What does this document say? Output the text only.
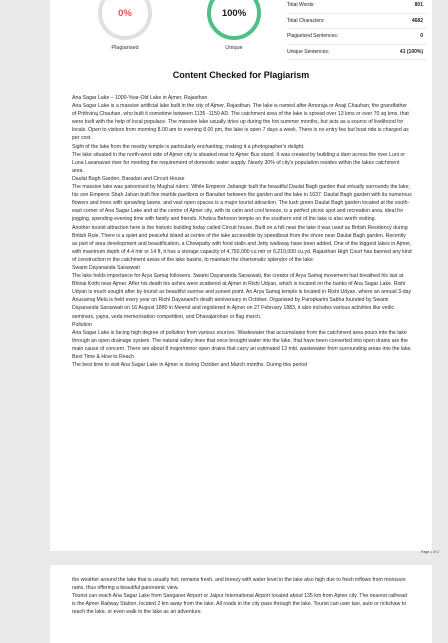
0%
Plagiarised
100%
Unique
Total Words:	801
Total Characters:	4682
Plagiarized Sentences:	0
Unique Sentences:	41 (100%)
Content Checked for Plagiarism

Ana Sagar Lake – 1000-Year-Old Lake in Ajmer, Rajasthan

Ana Sagar Lake is a massive artificial lake built in the city of Ajmer, Rajasthan. The lake is named after Arnoraja or Anaji Chauhan; the grandfather of Prithviraj Chauhan, who built it sometime between 1135 -1150 AD. The catchment area of the lake is spread over 13 kms or over 70 sq kms, that were built with the help of local populace. The massive lake usually dries up during the hot summer months, but acts as a source of livelihood for locals. Open to visitors from morning 8.00 am to evening 8.00 pm, the lake is open 7 days a week. There is no entry fee but boat ride is charged as per cost.

Sight of the lake from the nearby temple is particularly enchanting, making it a photographer's delight.

The lake situated in the north-west side of Ajmer city is situated near to Ajmer Bus stand. It was created by building a dam across the river Luni or Luna Lavanavari river for meeting the requirement of domestic water supply. Nearly 30% of city's population resides within the lakes catchment area.

Daulat Bagh Garden, Baradari and Circuit House

The massive lake was patronised by Mughal rulers. While Emperor Jahangir built the beautiful Daulat Bagh garden that virtually surrounds the lake; his son Emperor Shah Jahan built five marble pavilions or Baradari between the garden and the lake in 1637. Daulat Bagh garden with its numerous flowers and trees with sprawling lawns, and vast open spaces is a major tourist attraction. The lush green Daulat Bagh garden located at the south-east corner of Ana Sagar Lake and at the centre of Ajmer city, with its calm and cool breeze, is a perfect picnic spot and recreation area, ideal for jogging, spending evening time with family and friends. Khobra Behroon temple on the southern end of the lake is also worth visiting.

Another tourist attraction here is the historic building today called Circuit house. Built on a hill near the lake it was used as British Residency during British Rule. There is a quiet and peaceful island at centre of the lake accessible by speedboat from the shore near Daulat Bagh garden. Recently as part of area development and beautification, a Chowpatty with food stalls and Jetty walkway have been added. One of the biggest lakes in Ajmer, with maximum depth of 4.4 mtr or 14 ft, it has a storage capacity of 4,750,000 cu.mtr or 6,210,000 cu.yd. Rajasthan High Court has banned any kind of construction in the catchment areas of the lake basins, to maintain the charismatic splendor of the lake.

Swami Dayananda Saraswati

The lake holds importance for Arya Samaj followers. Swami Dayananda Saraswati, the creator of Arya Samaj movement had breathed his last at Bhinai Kothi near Ajmer. After his death his ashes were scattered at Ajmer in Rishi Udyan, which is located on the banks of Ana Sagar Lake. Rishi Udyan is much sought after by tourist as beautiful sunrise and sunset point. An Arya Samaj temple is located in Rishi Udyan, where an annual 3-day Anusamaj Mela is held every year on Rishi Dayanand's death anniversary in October. Organised by Paropkarini Sabha founded by Swami Dayananda Saraswati on 16 August 1880 in Meerut and registered in Ajmer on 27 February 1883, it also includes various activities like vedic seminars, yajna, veda memorisation competition, and Dhavajarohan or flag march.

Pollution

Ana Sagar Lake is facing high degree of pollution from various sources. Wastewater that accumulates from the catchment area pours into the lake through an open drainage system. The natural valley lines that once brought water into the lake, that have been converted into open drains are the main cause of concern. There are about 8 major/minor open drains that carry an estimated 13 mld. wastewater from surrounding areas into the lake.

Best Time & How to Reach

The best time to visit Ana Sagar Lake in Ajmer is during October and March months. During this period

Page 1 of 2

the weather around the lake that is usually hot; remains fresh, and breezy with water level in the lake also high due to fresh inflows from monsoon rains, thus offering a beautiful panoramic view.

Tourist can reach Ana Sagar Lake from Sanganer Airport or Jaipur International Airport located about 135 km from Ajmer city. The nearest railhead is the Ajmer Railway Station, located 2 km away from the lake. All roads in the city pass through the lake. Tourist can user taxi, auto or rickshaw to reach the lake, or even walk to the lake as an adventure.
